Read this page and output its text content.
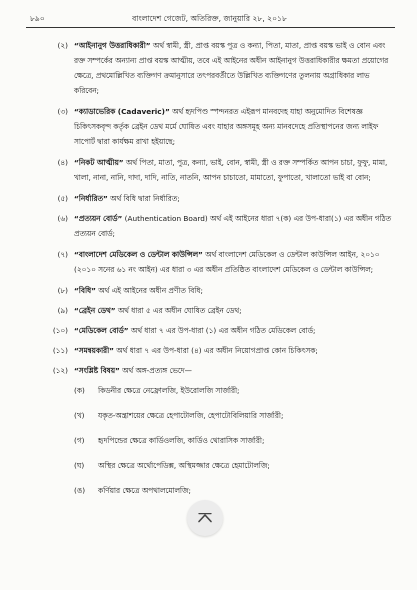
৮৯০	বাংলাদেশ গেজেট, অতিরিক্ত, জানুয়ারি ২৮, ২০১৮
(২) “আইনানুগ উত্তরাধিকারী” অর্থ স্বামী, স্ত্রী, প্রাপ্ত বয়স্ক পুত্র ও কন্যা, পিতা, মাতা, প্রাপ্ত বয়স্ক ভাই ও বোন এবং রক্ত সম্পর্কের অন্যান্য প্রাপ্ত বয়স্ক আত্মীয়, তবে এই আইনের অধীন আইনানুগ উত্তরাধিকারীর ক্ষমতা প্রয়োগের ক্ষেত্রে, প্রথমোল্লিখিত ব্যক্তিগণ ক্রমানুসারে তৎপরবর্তীতে উল্লিখিত ব্যক্তিগণের তুলনায় অগ্রাধিকার লাভ করিবেন;
(৩) “ক্যাডাভেরিক (Cadaveric)” অর্থ হৃদপিণ্ড স্পন্দনরত এইরূপ মানবদেহ যাহা অনুমোদিত বিশেষজ্ঞ চিকিৎসকবৃন্দ কর্তৃক ব্রেইন ডেথ মর্মে ঘোষিত এবং যাহার অঙ্গসমূহ অন্য মানবদেহে প্রতিস্থাপনের জন্য লাইফ সাপোর্ট দ্বারা কার্যক্ষম রাখা হইয়াছে;
(৪) “নিকট আত্মীয়” অর্থ পিতা, মাতা, পুত্র, কন্যা, ভাই, বোন, স্বামী, স্ত্রী ও রক্ত সম্পর্কিত আপন চাচা, ফুফু, মামা, খালা, নানা, নানি, দাদা, দাদি, নাতি, নাতনি, আপন চাচাতো, মামাতো, ফুপাতো, খালাতো ভাই বা বোন;
(৫) “নির্ধারিত” অর্থ বিধি দ্বারা নির্ধারিত;
(৬) “প্রত্যয়ন বোর্ড” (Authentication Board) অর্থ এই আইনের ধারা ৭(ক) এর উপ-ধারা(১) এর অধীন গঠিত প্রত্যয়ন বোর্ড;
(৭) “বাংলাদেশ মেডিকেল ও ডেন্টাল কাউন্সিল” অর্থ বাংলাদেশ মেডিকেল ও ডেন্টাল কাউন্সিল আইন, ২০১০ (২০১০ সনের ৬১ নং আইন) এর ধারা ৩ এর অধীন প্রতিষ্ঠিত বাংলাদেশ মেডিকেল ও ডেন্টাল কাউন্সিল;
(৮) “বিধি” অর্থ এই আইনের অধীন প্রণীত বিধি;
(৯) “ব্রেইন ডেথ” অর্থ ধারা ৫ এর অধীন ঘোষিত ব্রেইন ডেথ;
(১০) “মেডিকেল বোর্ড” অর্থ ধারা ৭ এর উপ-ধারা (১) এর অধীন গঠিত মেডিকেল বোর্ড;
(১১) “সমন্বয়কারী” অর্থ ধারা ৭ এর উপ-ধারা (৪) এর অধীন নিয়োগপ্রাপ্ত কোন চিকিৎসক;
(১২) “সংশ্লিষ্ট বিষয়” অর্থ অঙ্গ-প্রত্যঙ্গ ভেদে—
(ক) কিডনীর ক্ষেত্রে নেফ্রোলজি, ইউরোলজি সার্জারী;
(খ) যকৃত-অন্ত্রাশয়ের ক্ষেত্রে হেপাটোলজি, হেপাটোবিলিয়ারি সার্জারী;
(গ) হৃদপিন্ডের ক্ষেত্রে কার্ডিওলজি, কার্ডিও থোরাসিক সার্জারী;
(ঘ) অস্থির ক্ষেত্রে অর্থোপেডিক্স, অস্থিমজ্জার ক্ষেত্রে হেমাটোলজি;
(ঙ) কর্ণিয়ার ক্ষেত্রে অপথালমোলজি;
